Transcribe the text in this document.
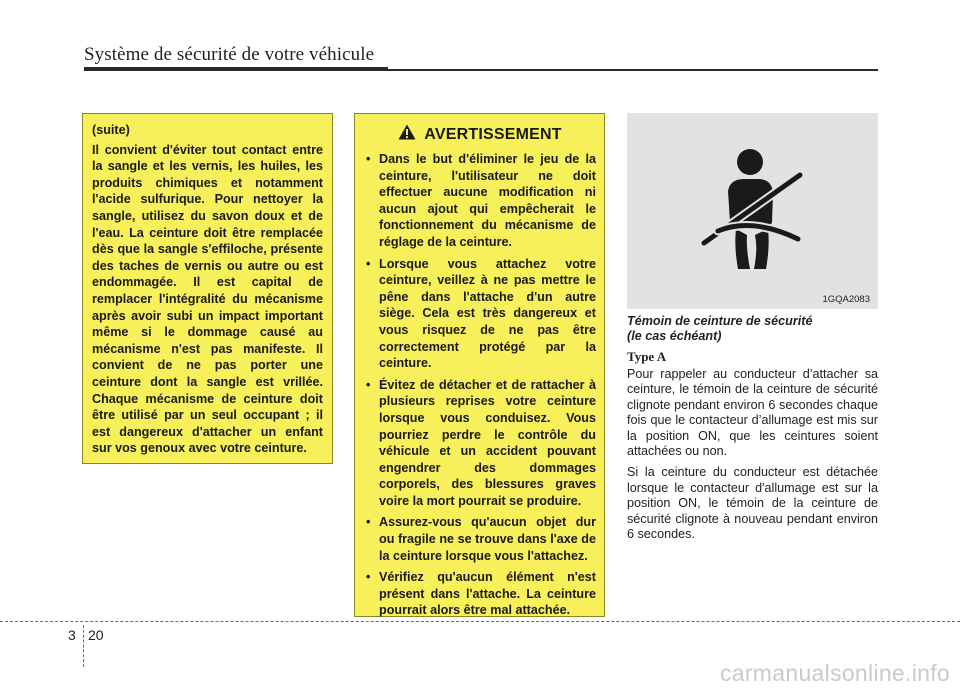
Système de sécurité de votre véhicule
(suite)
Il convient d'éviter tout contact entre la sangle et les vernis, les huiles, les produits chimiques et notamment l'acide sulfurique. Pour nettoyer la sangle, utilisez du savon doux et de l'eau. La ceinture doit être remplacée dès que la sangle s'effiloche, présente des taches de vernis ou autre ou est endommagée. Il est capital de remplacer l'intégralité du mécanisme après avoir subi un impact important même si le dommage causé au mécanisme n'est pas manifeste. Il convient de ne pas porter une ceinture dont la sangle est vrillée. Chaque mécanisme de ceinture doit être utilisé par un seul occupant ; il est dangereux d'attacher un enfant sur vos genoux avec votre ceinture.
AVERTISSEMENT
• Dans le but d'éliminer le jeu de la ceinture, l'utilisateur ne doit effectuer aucune modification ni aucun ajout qui empêcherait le fonctionnement du mécanisme de réglage de la ceinture.
• Lorsque vous attachez votre ceinture, veillez à ne pas mettre le pêne dans l'attache d'un autre siège. Cela est très dangereux et vous risquez de ne pas être correctement protégé par la ceinture.
• Évitez de détacher et de rattacher à plusieurs reprises votre ceinture lorsque vous conduisez. Vous pourriez perdre le contrôle du véhicule et un accident pouvant engendrer des dommages corporels, des blessures graves voire la mort pourrait se produire.
• Assurez-vous qu'aucun objet dur ou fragile ne se trouve dans l'axe de la ceinture lorsque vous l'attachez.
• Vérifiez qu'aucun élément n'est présent dans l'attache. La ceinture pourrait alors être mal attachée.
1GQA2083
Témoin de ceinture de sécurité
(le cas échéant)
Type A

Pour rappeler au conducteur d’attacher sa ceinture, le témoin de la ceinture de sécurité clignote pendant environ 6 secondes chaque fois que le contacteur d’allumage est mis sur la position ON, que les ceintures soient attachées ou non.

Si la ceinture du conducteur est détachée lorsque le contacteur d'allumage est sur la position ON, le témoin de la ceinture de sécurité clignote à nouveau pendant environ 6 secondes.

3 20
carmanualsonline.info
